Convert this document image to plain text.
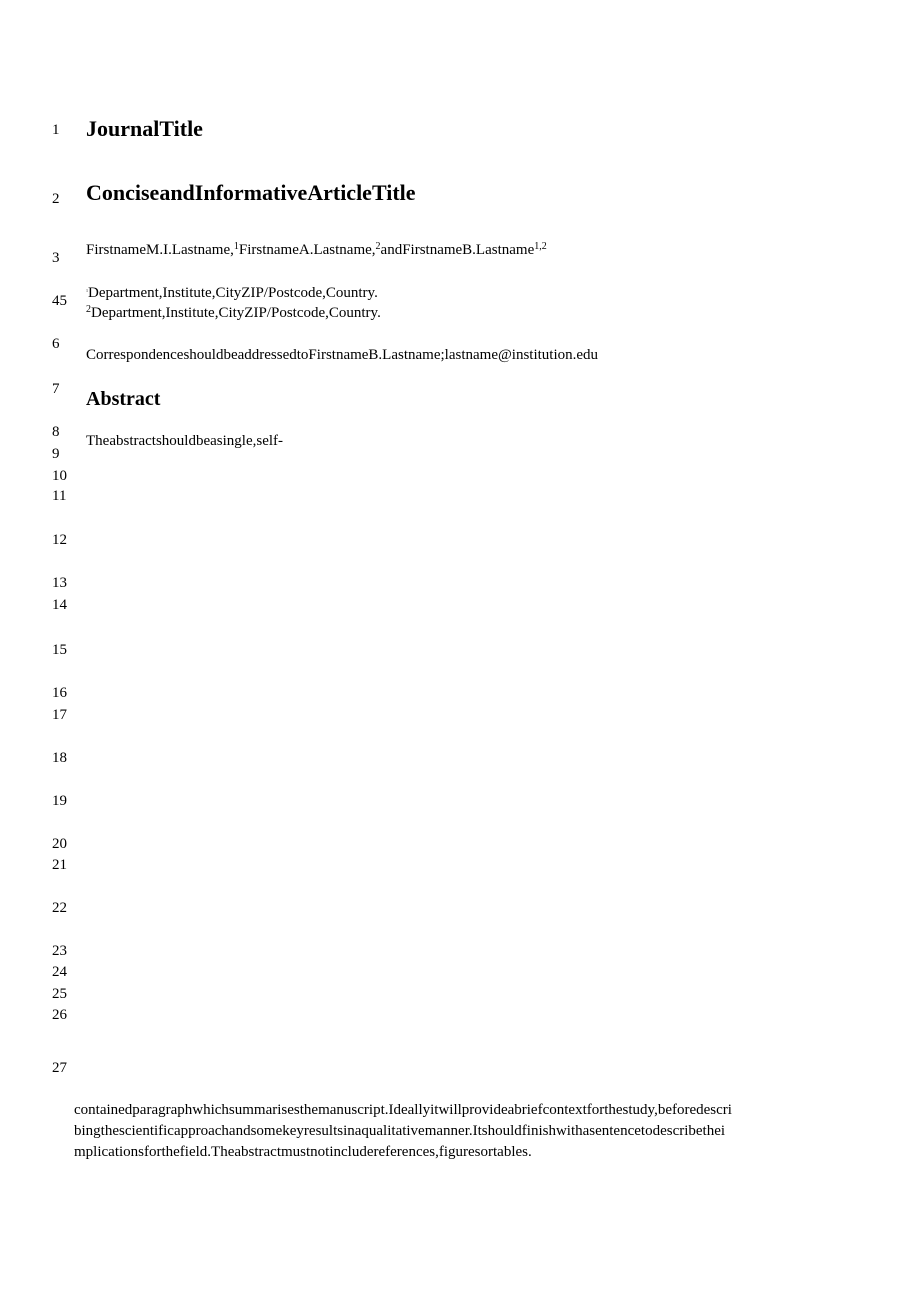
1
2
3
45
6
7
8
9
10
11
12
13
14
15
16
17
18
19
20
21
22
23
24
25
26
27
JournalTitle
ConciseandInformativeArticleTitle
FirstnameM.I.Lastname,$^1$FirstnameA.Lastname,$^2$andFirstnameB.Lastname$^{1,2}$
$^1$Department,Institute,CityZIP/Postcode,Country.
$^2$Department,Institute,CityZIP/Postcode,Country.
CorrespondenceshouldbeaddressedtoFirstnameB.Lastname;lastname@institution.edu
Abstract
Theabstractshouldbeasingle,self-
containedparagraphwhichsummarisesthemanuscript.Ideallyitwillprovideabriefcontextforthestudy,beforedescri
bingthescientificapproachandsomekeyresultsinaqualitativemanner.Itshouldfinishwithasentencetodescribethei
mplicationsforthefield.Theabstractmustnotincludereferences,figuresortables.
